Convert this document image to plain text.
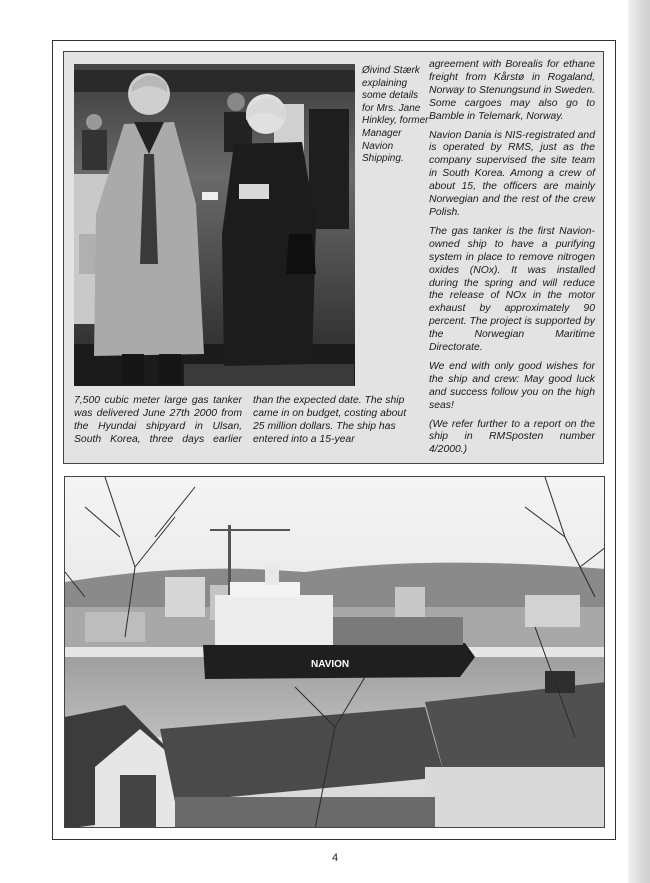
Øivind Stærk explaining some details for Mrs. Jane Hinkley, former Manager Navion Shipping.
7,500 cubic meter large gas tanker was delivered June 27th 2000 from the Hyundai shipyard in Ulsan, South Korea, three days earlier
than the expected date. The ship came in on budget, costing about 25 million dollars. The ship has entered into a 15-year

agreement with Borealis for ethane freight from Kårstø in Rogaland, Norway to Stenungsund in Sweden. Some cargoes may also go to Bamble in Telemark, Norway.

Navion Dania is NIS-registrated and is operated by RMS, just as the company supervised the site team in South Korea. Among a crew of about 15, the officers are mainly Norwegian and the rest of the crew Polish.

The gas tanker is the first Navion-owned ship to have a purifying system in place to remove nitrogen oxides (NOx). It was installed during the spring and will reduce the release of NOx in the motor exhaust by approximately 90 percent. The project is supported by the Norwegian Maritime Directorate.

We end with only good wishes for the ship and crew: May good luck and success follow you on the high seas!

(We refer further to a report on the ship in RMSposten number 4/2000.)

NAVION
4
